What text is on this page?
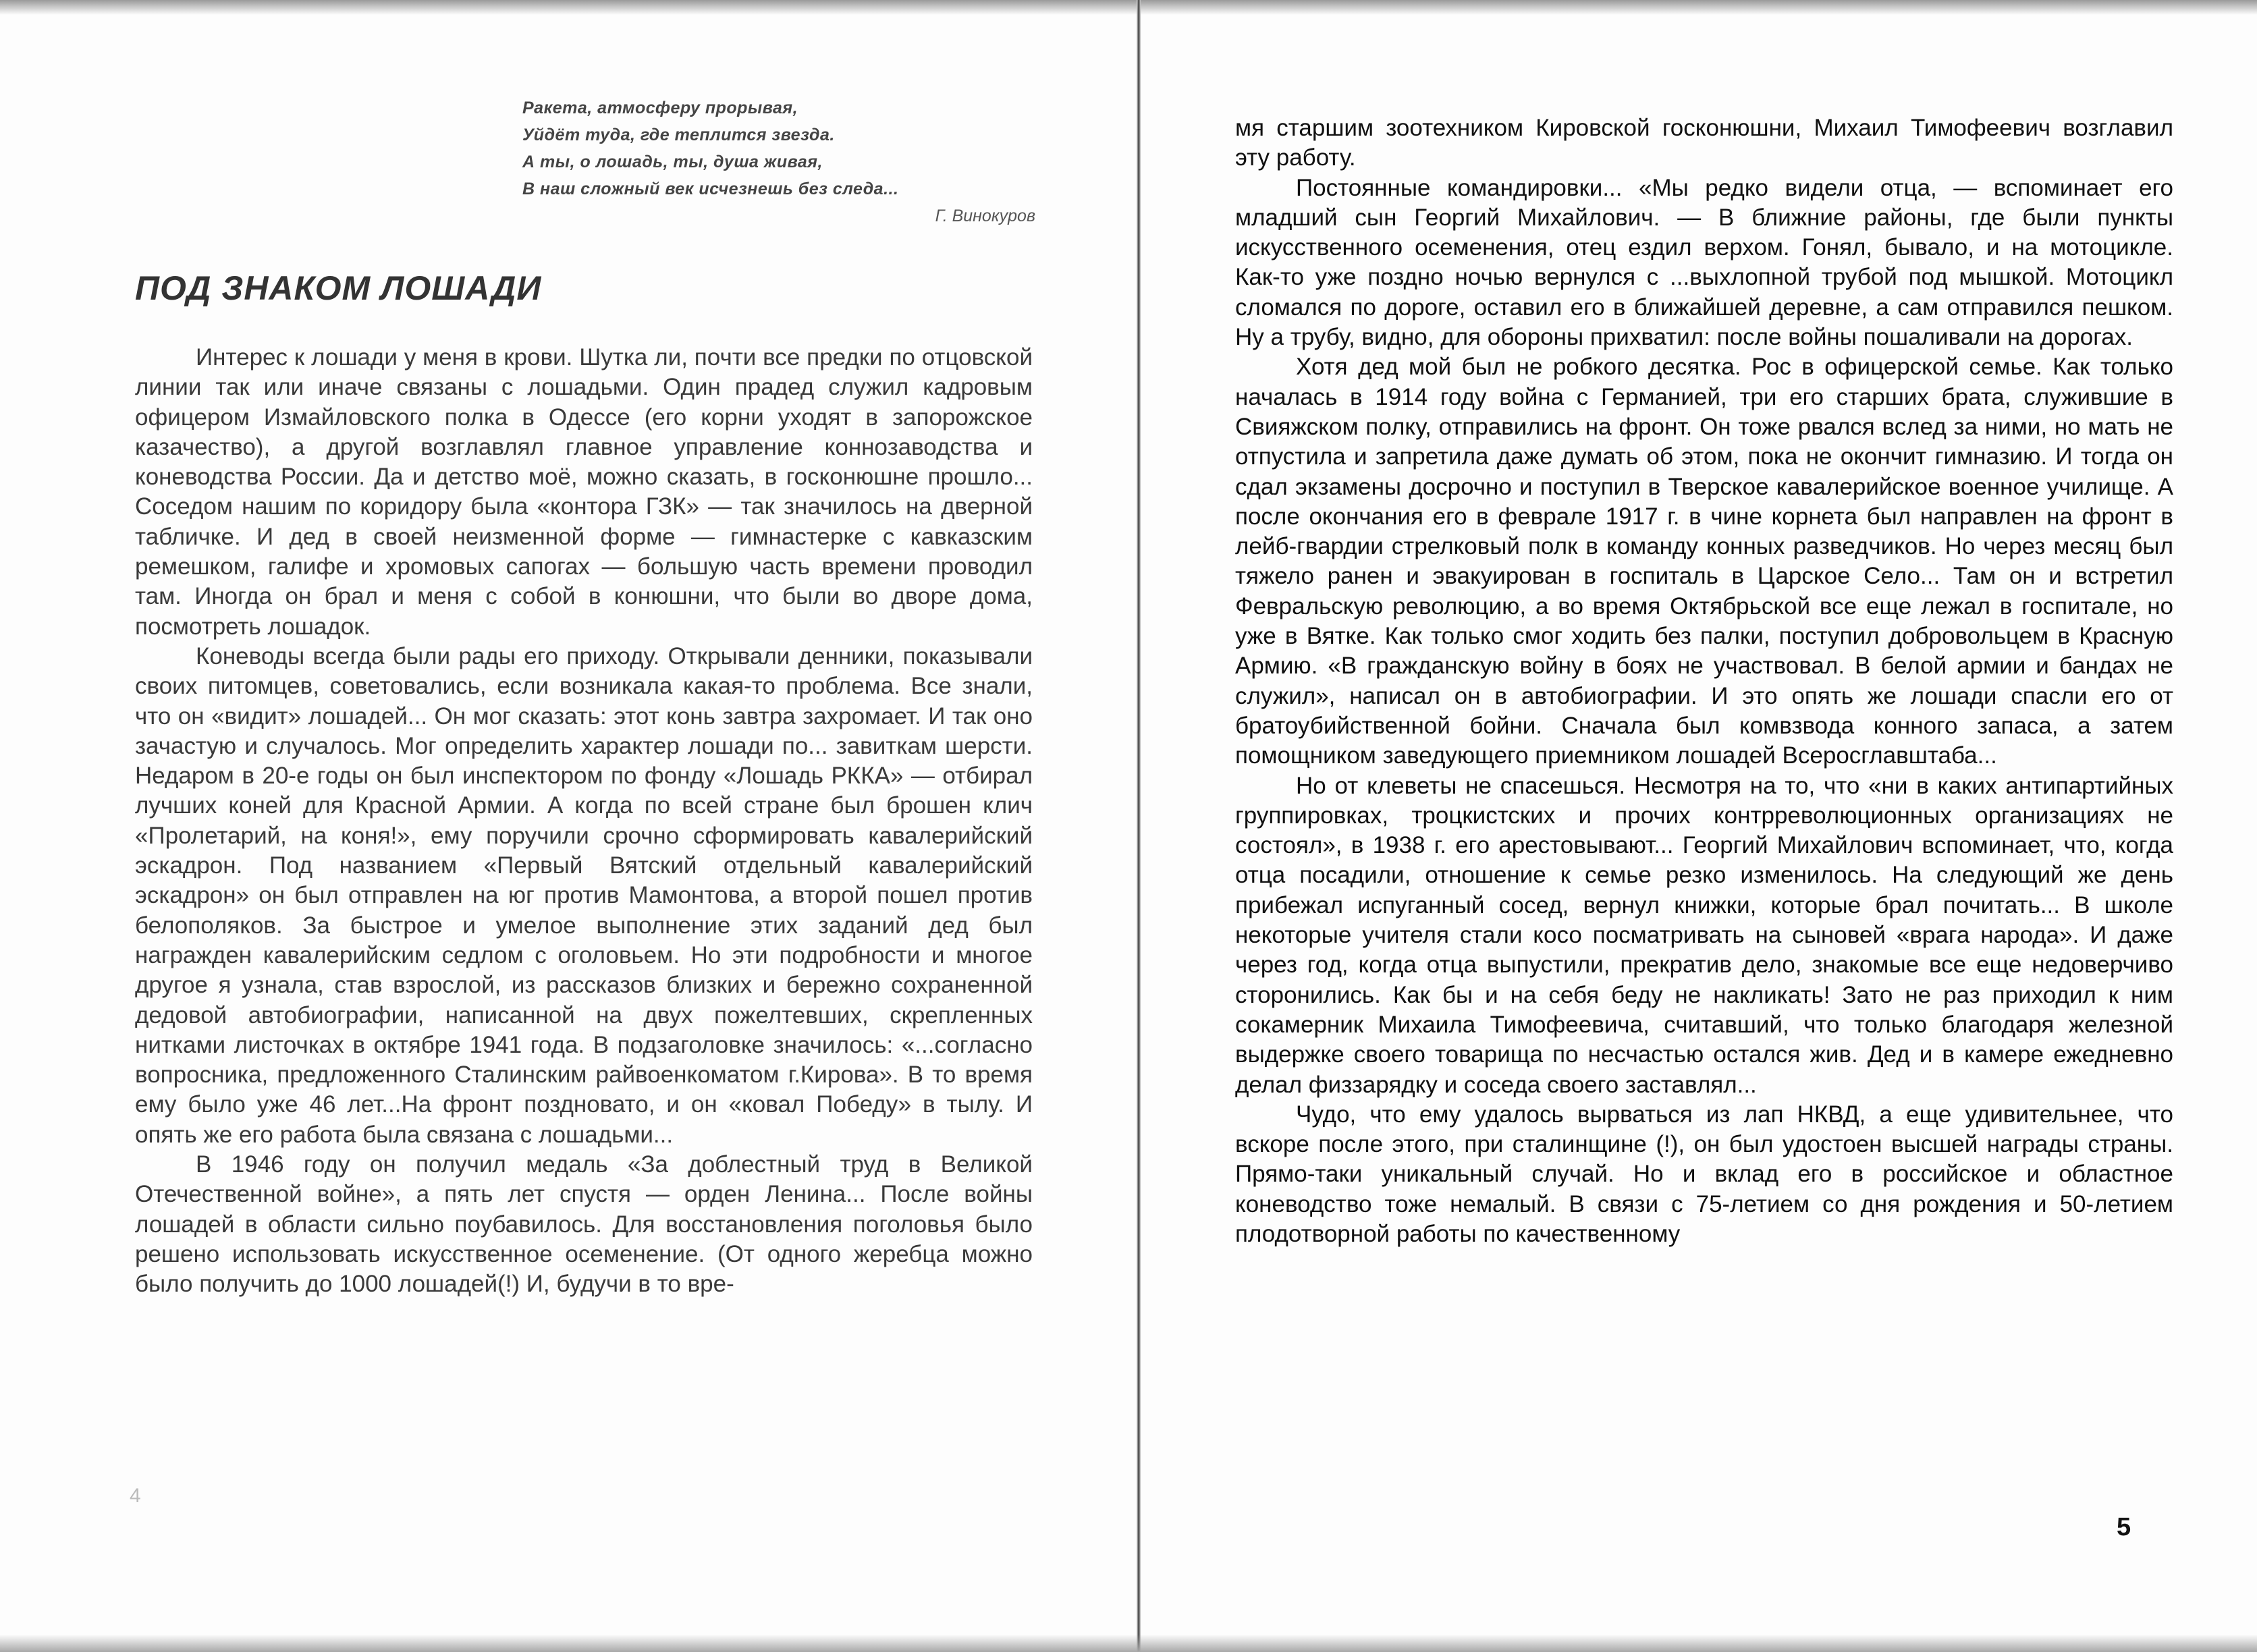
Ракета, атмосферу прорывая,
Уйдёт туда, где теплится звезда.
А ты, о лошадь, ты, душа живая,
В наш сложный век исчезнешь без следа...
Г. Винокуров
ПОД ЗНАКОМ ЛОШАДИ

Интерес к лошади у меня в крови. Шутка ли, почти все предки по отцовской линии так или иначе связаны с лошадьми. Один прадед служил кадровым офицером Измайловского полка в Одессе (его корни уходят в запорожское казачество), а другой возглавлял главное управление коннозаводства и коневодства России. Да и детство моё, можно сказать, в госконюшне прошло... Соседом нашим по коридору была «контора ГЗК» — так значилось на дверной табличке. И дед в своей неизменной форме — гимнастерке с кавказским ремешком, галифе и хромовых сапогах — большую часть времени проводил там. Иногда он брал и меня с собой в конюшни, что были во дворе дома, посмотреть лошадок.

Коневоды всегда были рады его приходу. Открывали денники, показывали своих питомцев, советовались, если возникала какая-то проблема. Все знали, что он «видит» лошадей... Он мог сказать: этот конь завтра захромает. И так оно зачастую и случалось. Мог определить характер лошади по... завиткам шерсти. Недаром в 20-е годы он был инспектором по фонду «Лошадь РККА» — отбирал лучших коней для Красной Армии. А когда по всей стране был брошен клич «Пролетарий, на коня!», ему поручили срочно сформировать кавалерийский эскадрон. Под названием «Первый Вятский отдельный кавалерийский эскадрон» он был отправлен на юг против Мамонтова, а второй пошел против белополяков. За быстрое и умелое выполнение этих заданий дед был награжден кавалерийским седлом с оголовьем. Но эти подробности и многое другое я узнала, став взрослой, из рассказов близких и бережно сохраненной дедовой автобиографии, написанной на двух пожелтевших, скрепленных нитками листочках в октябре 1941 года. В подзаголовке значилось: «...согласно вопросника, предложенного Сталинским райвоенкоматом г.Кирова». В то время ему было уже 46 лет...На фронт поздновато, и он «ковал Победу» в тылу. И опять же его работа была связана с лошадьми...

В 1946 году он получил медаль «За доблестный труд в Великой Отечественной войне», а пять лет спустя — орден Ленина... После войны лошадей в области сильно поубавилось. Для восстановления поголовья было решено использовать искусственное осеменение. (От одного жеребца можно было получить до 1000 лошадей(!) И, будучи в то вре-

4

мя старшим зоотехником Кировской госконюшни, Михаил Тимофеевич возглавил эту работу.

Постоянные командировки... «Мы редко видели отца, — вспоминает его младший сын Георгий Михайлович. — В ближние районы, где были пункты искусственного осеменения, отец ездил верхом. Гонял, бывало, и на мотоцикле. Как-то уже поздно ночью вернулся с ...выхлопной трубой под мышкой. Мотоцикл сломался по дороге, оставил его в ближайшей деревне, а сам отправился пешком. Ну а трубу, видно, для обороны прихватил: после войны пошаливали на дорогах.

Хотя дед мой был не робкого десятка. Рос в офицерской семье. Как только началась в 1914 году война с Германией, три его старших брата, служившие в Свияжском полку, отправились на фронт. Он тоже рвался вслед за ними, но мать не отпустила и запретила даже думать об этом, пока не окончит гимназию. И тогда он сдал экзамены досрочно и поступил в Тверское кавалерийское военное училище. А после окончания его в феврале 1917 г. в чине корнета был направлен на фронт в лейб-гвардии стрелковый полк в команду конных разведчиков. Но через месяц был тяжело ранен и эвакуирован в госпиталь в Царское Село... Там он и встретил Февральскую революцию, а во время Октябрьской все еще лежал в госпитале, но уже в Вятке. Как только смог ходить без палки, поступил добровольцем в Красную Армию. «В гражданскую войну в боях не участвовал. В белой армии и бандах не служил», написал он в автобиографии. И это опять же лошади спасли его от братоубийственной бойни. Сначала был комвзвода конного запаса, а затем помощником заведующего приемником лошадей Всеросглавштаба...

Но от клеветы не спасешься. Несмотря на то, что «ни в каких антипартийных группировках, троцкистских и прочих контрреволюционных организациях не состоял», в 1938 г. его арестовывают... Георгий Михайлович вспоминает, что, когда отца посадили, отношение к семье резко изменилось. На следующий же день прибежал испуганный сосед, вернул книжки, которые брал почитать... В школе некоторые учителя стали косо посматривать на сыновей «врага народа». И даже через год, когда отца выпустили, прекратив дело, знакомые все еще недоверчиво сторонились. Как бы и на себя беду не накликать! Зато не раз приходил к ним сокамерник Михаила Тимофеевича, считавший, что только благодаря железной выдержке своего товарища по несчастью остался жив. Дед и в камере ежедневно делал физзарядку и соседа своего заставлял...

Чудо, что ему удалось вырваться из лап НКВД, а еще удивительнее, что вскоре после этого, при сталинщине (!), он был удостоен высшей награды страны. Прямо-таки уникальный случай. Но и вклад его в российское и областное коневодство тоже немалый. В связи с 75-летием со дня рождения и 50-летием плодотворной работы по качественному

5
